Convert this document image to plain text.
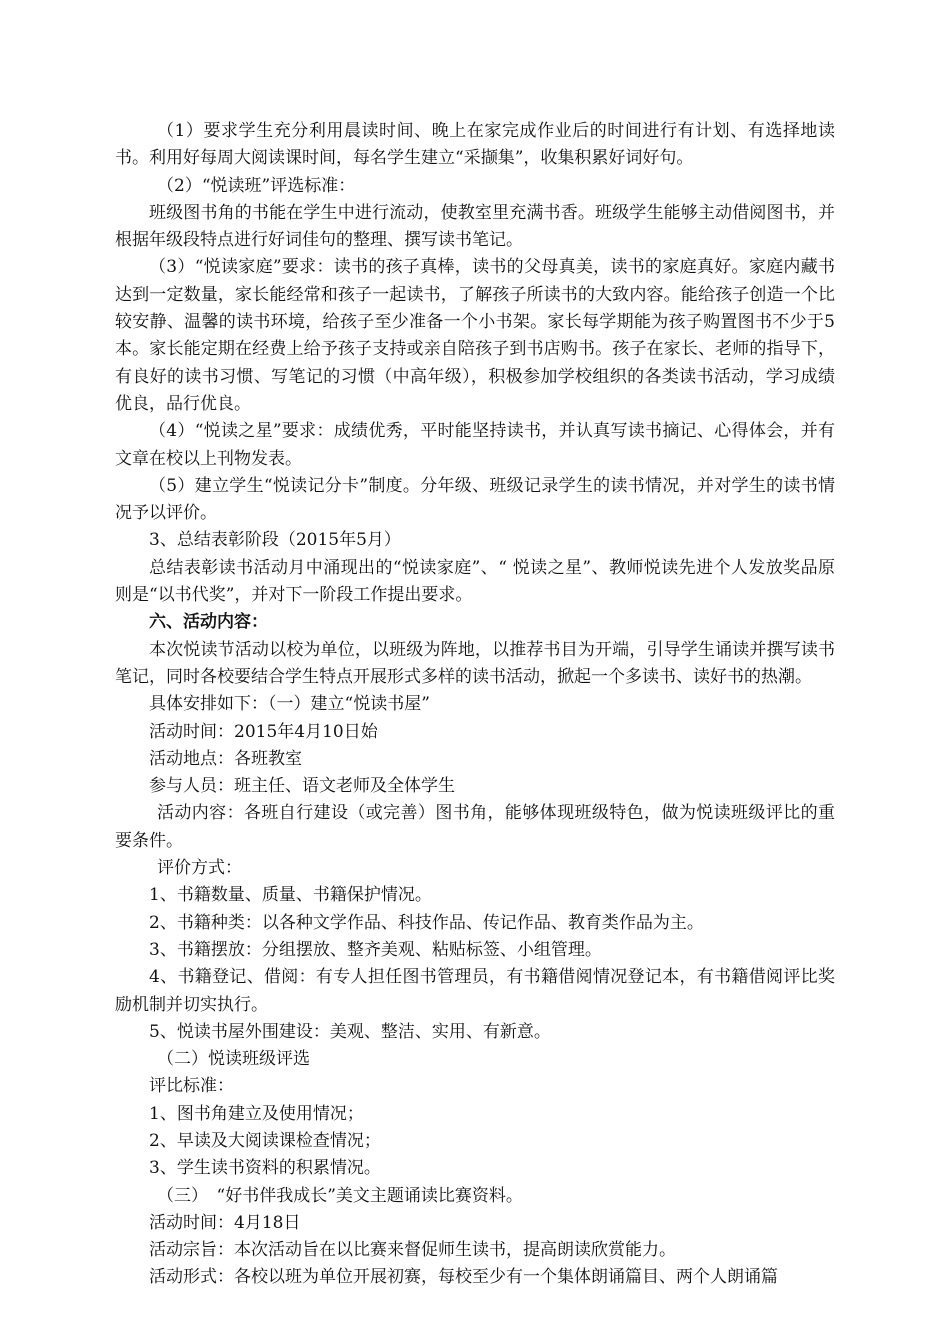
（1）要求学生充分利用晨读时间、晚上在家完成作业后的时间进行有计划、有选择地读书。利用好每周大阅读课时间，每名学生建立“采撷集”，收集积累好词好句。

（2）“悦读班”评选标准：

班级图书角的书能在学生中进行流动，使教室里充满书香。班级学生能够主动借阅图书，并根据年级段特点进行好词佳句的整理、撰写读书笔记。

（3）“悦读家庭”要求：读书的孩子真棒，读书的父母真美，读书的家庭真好。家庭内藏书达到一定数量，家长能经常和孩子一起读书，了解孩子所读书的大致内容。能给孩子创造一个比较安静、温馨的读书环境，给孩子至少准备一个小书架。家长每学期能为孩子购置图书不少于5本。家长能定期在经费上给予孩子支持或亲自陪孩子到书店购书。孩子在家长、老师的指导下，有良好的读书习惯、写笔记的习惯（中高年级），积极参加学校组织的各类读书活动，学习成绩优良，品行优良。

（4）“悦读之星”要求：成绩优秀，平时能坚持读书，并认真写读书摘记、心得体会，并有文章在校以上刊物发表。

（5）建立学生“悦读记分卡”制度。分年级、班级记录学生的读书情况，并对学生的读书情况予以评价。

3、总结表彰阶段（2015年5月）

总结表彰读书活动月中涌现出的“悦读家庭”、“ 悦读之星”、教师悦读先进个人发放奖品原则是“以书代奖”，并对下一阶段工作提出要求。

六、活动内容：

本次悦读节活动以校为单位，以班级为阵地，以推荐书目为开端，引导学生诵读并撰写读书笔记，同时各校要结合学生特点开展形式多样的读书活动，掀起一个多读书、读好书的热潮。

具体安排如下：（一）建立“悦读书屋”

活动时间：2015年4月10日始

活动地点：各班教室

参与人员：班主任、语文老师及全体学生

活动内容：各班自行建设（或完善）图书角，能够体现班级特色，做为悦读班级评比的重要条件。

评价方式：

1、书籍数量、质量、书籍保护情况。

2、书籍种类：以各种文学作品、科技作品、传记作品、教育类作品为主。

3、书籍摆放：分组摆放、整齐美观、粘贴标签、小组管理。

4、书籍登记、借阅：有专人担任图书管理员，有书籍借阅情况登记本，有书籍借阅评比奖励机制并切实执行。

5、悦读书屋外围建设：美观、整洁、实用、有新意。

（二）悦读班级评选

评比标准：

1、图书角建立及使用情况；

2、早读及大阅读课检查情况；

3、学生读书资料的积累情况。

（三）　“好书伴我成长”美文主题诵读比赛资料。

活动时间：4月18日

活动宗旨：本次活动旨在以比赛来督促师生读书，提高朗读欣赏能力。

活动形式：各校以班为单位开展初赛，每校至少有一个集体朗诵篇目、两个人朗诵篇
